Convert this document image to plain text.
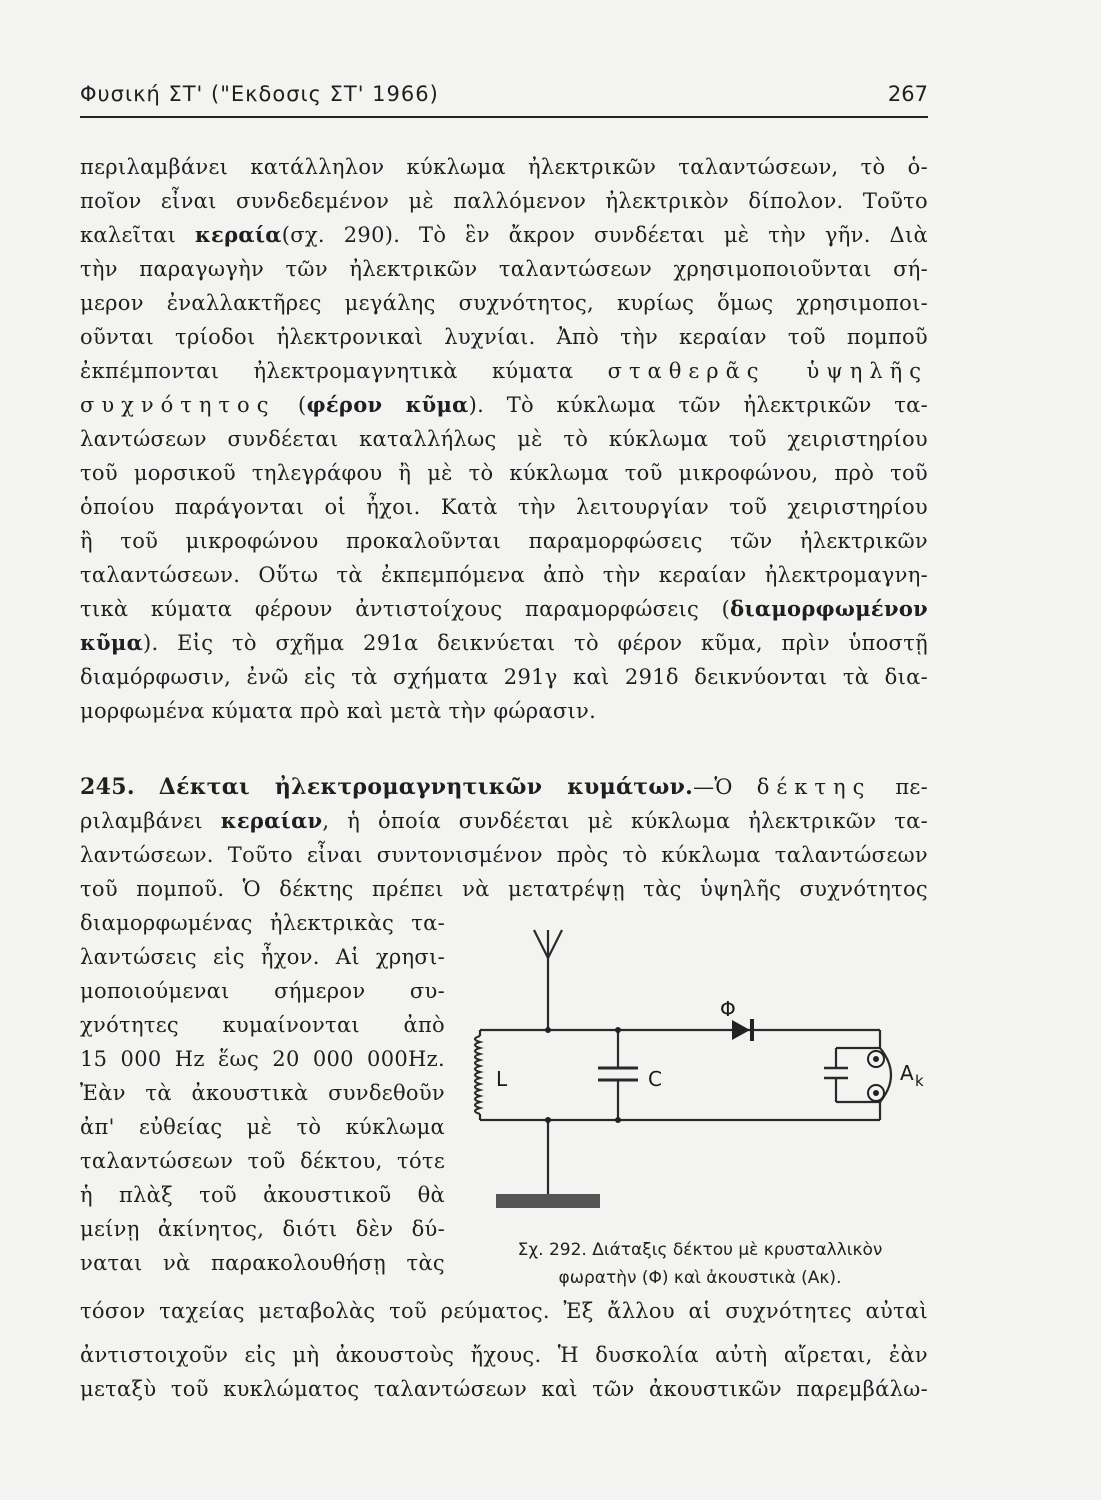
Φυσική ΣΤ' ("Εκδοσις ΣΤ' 1966)	267
περιλαμβάνει κατάλληλον κύκλωμα ἠλεκτρικῶν ταλαντώσεων, τὸ ὁ-
ποῖον εἶναι συνδεδεμένον μὲ παλλόμενον ἠλεκτρικὸν δίπολον. Τοῦτο
καλεῖται κεραία(σχ. 290). Τὸ ἓν ἄκρον συνδέεται μὲ τὴν γῆν. Διὰ
τὴν παραγωγὴν τῶν ἠλεκτρικῶν ταλαντώσεων χρησιμοποιοῦνται σή-
μερον ἐναλλακτῆρες μεγάλης συχνότητος, κυρίως ὅμως χρησιμοποι-
οῦνται τρίοδοι ἠλεκτρονικαὶ λυχνίαι. Ἀπὸ τὴν κεραίαν τοῦ πομποῦ
ἐκπέμπονται ἠλεκτρομαγνητικὰ κύματα σταθερᾶς ὑψηλῆς
συχνότητος (φέρον κῦμα). Τὸ κύκλωμα τῶν ἠλεκτρικῶν τα-
λαντώσεων συνδέεται καταλλήλως μὲ τὸ κύκλωμα τοῦ χειριστηρίου
τοῦ μορσικοῦ τηλεγράφου ἢ μὲ τὸ κύκλωμα τοῦ μικροφώνου, πρὸ τοῦ
ὁποίου παράγονται οἱ ἦχοι. Κατὰ τὴν λειτουργίαν τοῦ χειριστηρίου
ἢ τοῦ μικροφώνου προκαλοῦνται παραμορφώσεις τῶν ἠλεκτρικῶν
ταλαντώσεων. Οὕτω τὰ ἐκπεμπόμενα ἀπὸ τὴν κεραίαν ἠλεκτρομαγνη-
τικὰ κύματα φέρουν ἀντιστοίχους παραμορφώσεις (διαμορφωμένον
κῦμα). Εἰς τὸ σχῆμα 291α δεικνύεται τὸ φέρον κῦμα, πρὶν ὑποστῇ
διαμόρφωσιν, ἐνῶ εἰς τὰ σχήματα 291γ καὶ 291δ δεικνύονται τὰ δια-
μορφωμένα κύματα πρὸ καὶ μετὰ τὴν φώρασιν.
245. Δέκται ἠλεκτρομαγνητικῶν κυμάτων.—Ὁ δέκτης πε-
ριλαμβάνει κεραίαν, ἡ ὁποία συνδέεται μὲ κύκλωμα ἠλεκτρικῶν τα-
λαντώσεων. Τοῦτο εἶναι συντονισμένον πρὸς τὸ κύκλωμα ταλαντώσεων
τοῦ πομποῦ. Ὁ δέκτης πρέπει νὰ μετατρέψῃ τὰς ὑψηλῆς συχνότητος
διαμορφωμένας ἠλεκτρικὰς τα-
λαντώσεις εἰς ἦχον. Αἱ χρησι-
μοποιούμεναι σήμερον συ-
χνότητες κυμαίνονται ἀπὸ
15 000 Hz ἕως 20 000 000Hz.
Ἐὰν τὰ ἀκουστικὰ συνδεθοῦν
ἀπ' εὐθείας μὲ τὸ κύκλωμα
ταλαντώσεων τοῦ δέκτου, τότε
ἡ πλὰξ τοῦ ἀκουστικοῦ θὰ
μείνῃ ἀκίνητος, διότι δὲν δύ-
ναται νὰ παρακολουθήσῃ τὰς
τόσον ταχείας μεταβολὰς τοῦ ρεύματος. Ἐξ ἄλλου αἱ συχνότητες αὐταὶ
ἀντιστοιχοῦν εἰς μὴ ἀκουστοὺς ἤχους. Ἡ δυσκολία αὐτὴ αἴρεται, ἐὰν
μεταξὺ τοῦ κυκλώματος ταλαντώσεων καὶ τῶν ἀκουστικῶν παρεμβάλω-
L	C
Φ
A k
Σχ. 292. Διάταξις δέκτου μὲ κρυσταλλικὸν
φωρατὴν (Φ) καὶ ἀκουστικὰ (Ακ).
